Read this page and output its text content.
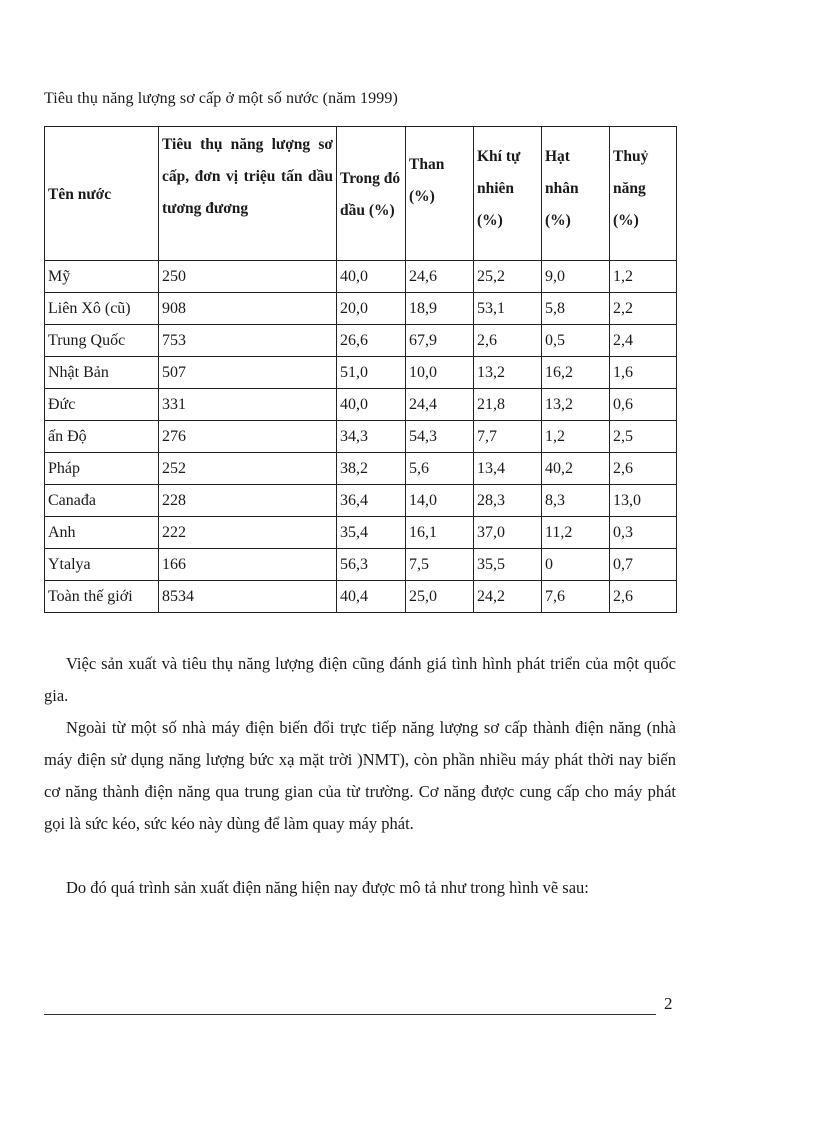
Tiêu thụ năng lượng sơ cấp ở một số nước (năm 1999)
Tên nước	Tiêu thụ năng lượng sơ cấp, đơn vị triệu tấn dầu tương đương	Trong đó dầu (%)	Than (%)	Khí tự nhiên (%)	Hạt nhân (%)	Thuỷ năng (%)
Mỹ	250	40,0	24,6	25,2	9,0	1,2
Liên Xô (cũ)	908	20,0	18,9	53,1	5,8	2,2
Trung Quốc	753	26,6	67,9	2,6	0,5	2,4
Nhật Bản	507	51,0	10,0	13,2	16,2	1,6
Đức	331	40,0	24,4	21,8	13,2	0,6
ấn Độ	276	34,3	54,3	7,7	1,2	2,5
Pháp	252	38,2	5,6	13,4	40,2	2,6
Canađa	228	36,4	14,0	28,3	8,3	13,0
Anh	222	35,4	16,1	37,0	11,2	0,3
Ytalya	166	56,3	7,5	35,5	0	0,7
Toàn thế giới	8534	40,4	25,0	24,2	7,6	2,6

Việc sản xuất và tiêu thụ năng lượng điện cũng đánh giá tình hình phát triển của một quốc gia.

Ngoài từ một số nhà máy điện biến đổi trực tiếp năng lượng sơ cấp thành điện năng (nhà máy điện sử dụng năng lượng bức xạ mặt trời )NMT), còn phần nhiều máy phát thời nay biến cơ năng thành điện năng qua trung gian của từ trường. Cơ năng được cung cấp cho máy phát gọi là sức kéo, sức kéo này dùng để làm quay máy phát.

Do đó quá trình sản xuất điện năng hiện nay được mô tả như trong hình vẽ sau:

2
